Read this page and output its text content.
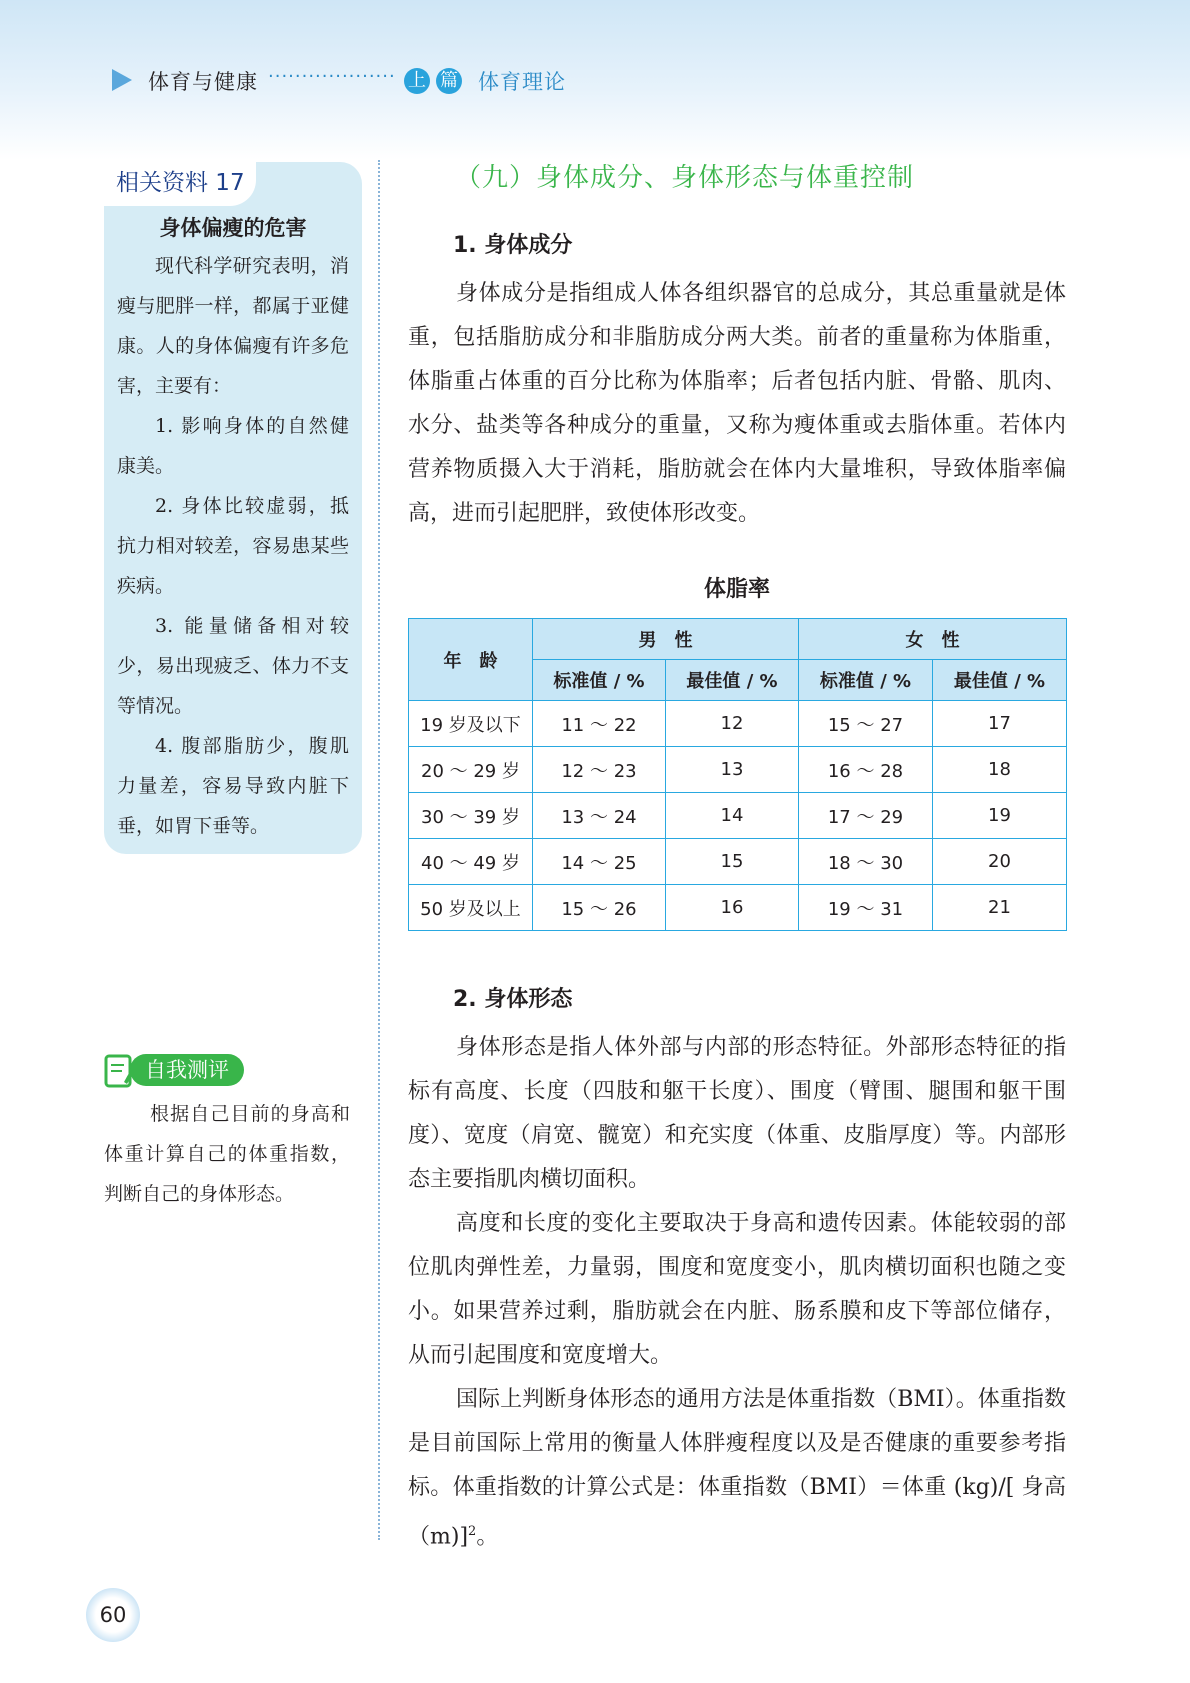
体育与健康 ··················· 上 篇 体育理论
相关资料 17
身体偏瘦的危害

现代科学研究表明，消瘦与肥胖一样，都属于亚健康。人的身体偏瘦有许多危害，主要有：

1. 影响身体的自然健康美。

2. 身体比较虚弱，抵抗力相对较差，容易患某些疾病。

3. 能量储备相对较少，易出现疲乏、体力不支等情况。

4. 腹部脂肪少，腹肌力量差，容易导致内脏下垂，如胃下垂等。

自我测评

根据自己目前的身高和体重计算自己的体重指数，判断自己的身体形态。

（九）身体成分、身体形态与体重控制
1. 身体成分

身体成分是指组成人体各组织器官的总成分，其总重量就是体重，包括脂肪成分和非脂肪成分两大类。前者的重量称为体脂重，体脂重占体重的百分比称为体脂率；后者包括内脏、骨骼、肌肉、水分、盐类等各种成分的重量，又称为瘦体重或去脂体重。若体内营养物质摄入大于消耗，脂肪就会在体内大量堆积，导致体脂率偏高，进而引起肥胖，致使体形改变。

体脂率
年　龄	男　性		女　性	
	标准值 / %	最佳值 / %	标准值 / %	最佳值 / %
19 岁及以下	11 ～ 22	12	15 ～ 27	17
20 ～ 29 岁	12 ～ 23	13	16 ～ 28	18
30 ～ 39 岁	13 ～ 24	14	17 ～ 29	19
40 ～ 49 岁	14 ～ 25	15	18 ～ 30	20
50 岁及以上	15 ～ 26	16	19 ～ 31	21
2. 身体形态

身体形态是指人体外部与内部的形态特征。外部形态特征的指标有高度、长度（四肢和躯干长度）、围度（臂围、腿围和躯干围度）、宽度（肩宽、髋宽）和充实度（体重、皮脂厚度）等。内部形态主要指肌肉横切面积。

高度和长度的变化主要取决于身高和遗传因素。体能较弱的部位肌肉弹性差，力量弱，围度和宽度变小，肌肉横切面积也随之变小。如果营养过剩，脂肪就会在内脏、肠系膜和皮下等部位储存，从而引起围度和宽度增大。

国际上判断身体形态的通用方法是体重指数（BMI）。体重指数是目前国际上常用的衡量人体胖瘦程度以及是否健康的重要参考指标。体重指数的计算公式是：体重指数（BMI）＝体重 (kg)/[ 身高（m)]$^2$。

60
